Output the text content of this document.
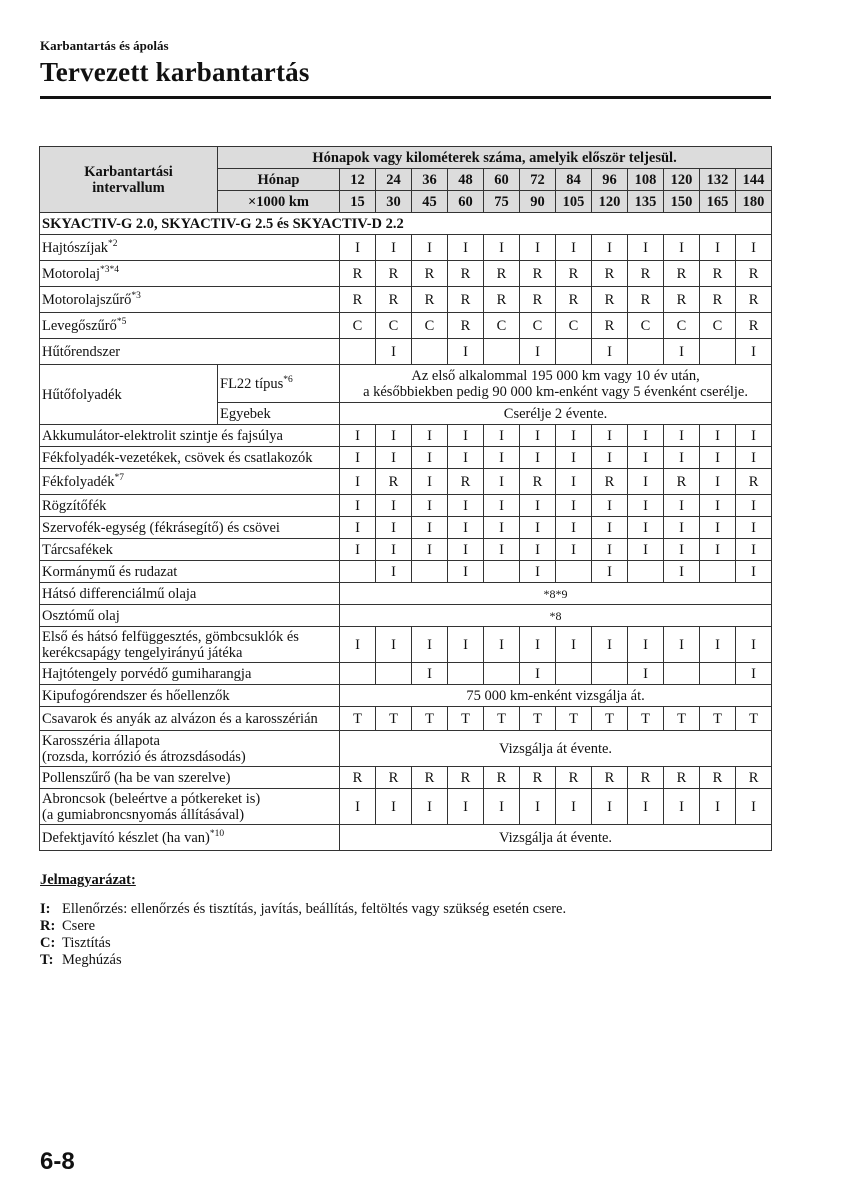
Karbantartás és ápolás
Tervezett karbantartás
Karbantartási intervallum	Hónapok vagy kilométerek száma, amelyik először teljesül.												
	Hónap	12	24	36	48	60	72	84	96	108	120	132	144
	×1000 km	15	30	45	60	75	90	105	120	135	150	165	180
SKYACTIV-G 2.0, SKYACTIV-G 2.5 és SKYACTIV-D 2.2													
Hajtószíjak$^{*2}$		I	I	I	I	I	I	I	I	I	I	I	I
Motorolaj$^{*3*4}$		R	R	R	R	R	R	R	R	R	R	R	R
Motorolajszűrő$^{*3}$		R	R	R	R	R	R	R	R	R	R	R	R
Levegőszűrő$^{*5}$		C	C	C	R	C	C	C	R	C	C	C	R
Hűtőrendszer			I		I		I		I		I		I
Hűtőfolyadék	FL22 típus$^{*6}$	Az első alkalommal 195 000 km vagy 10 év után,
a későbbiekben pedig 90 000 km-enként vagy 5 évenként cserélje.											

	Egyebek	Cserélje 2 évente.											
Akkumulátor-elektrolit szintje és fajsúlya		I	I	I	I	I	I	I	I	I	I	I	I
Fékfolyadék-vezetékek, csövek és csatlakozók		I	I	I	I	I	I	I	I	I	I	I	I
Fékfolyadék$^{*7}$		I	R	I	R	I	R	I	R	I	R	I	R
Rögzítőfék		I	I	I	I	I	I	I	I	I	I	I	I
Szervofék-egység (fékrásegítő) és csövei		I	I	I	I	I	I	I	I	I	I	I	I
Tárcsafékek		I	I	I	I	I	I	I	I	I	I	I	I
Kormánymű és rudazat			I		I		I		I		I		I
Hátsó differenciálmű olaja		*8*9											
Osztómű olaj		*8											

Első és hátsó felfüggesztés, gömbcsuklók és
kerékcsapágy tengelyirányú játéka		I	I	I	I	I	I	I	I	I	I	I	I
Hajtótengely porvédő gumiharangja				I			I			I			I
Kipufogórendszer és hőellenzők		75 000 km-enként vizsgálja át.											
Csavarok és anyák az alvázon és a karosszérián		T	T	T	T	T	T	T	T	T	T	T	T

Karosszéria állapota
(rozsda, korrózió és átrozsdásodás)		Vizsgálja át évente.											
Pollenszűrő (ha be van szerelve)		R	R	R	R	R	R	R	R	R	R	R	R

Abroncsok (beleértve a pótkereket is)
(a gumiabroncsnyomás állításával)		I	I	I	I	I	I	I	I	I	I	I	I
Defektjavító készlet (ha van)$^{*10}$		Vizsgálja át évente.											
Jelmagyarázat:
I: Ellenőrzés: ellenőrzés és tisztítás, javítás, beállítás, feltöltés vagy szükség esetén csere.
R: Csere
C: Tisztítás
T: Meghúzás
6-8
